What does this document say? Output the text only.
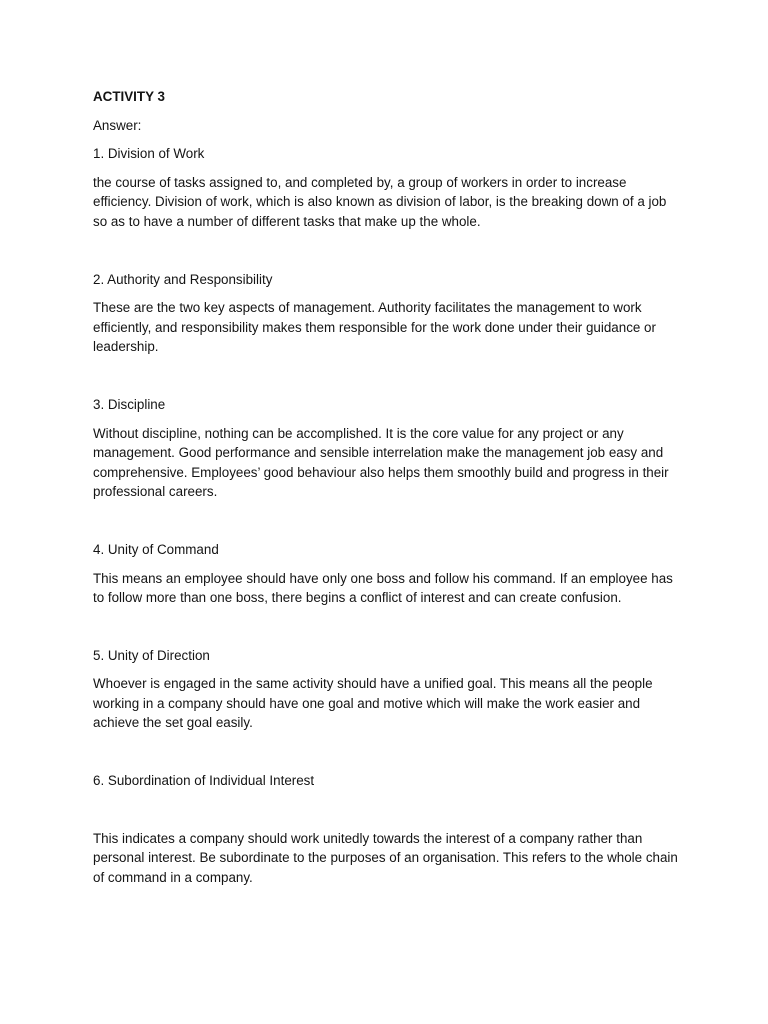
ACTIVITY 3

Answer:

1. Division of Work

the course of tasks assigned to, and completed by, a group of workers in order to increase efficiency. Division of work, which is also known as division of labor, is the breaking down of a job so as to have a number of different tasks that make up the whole.

2. Authority and Responsibility

These are the two key aspects of management. Authority facilitates the management to work efficiently, and responsibility makes them responsible for the work done under their guidance or leadership.

3. Discipline

Without discipline, nothing can be accomplished. It is the core value for any project or any management. Good performance and sensible interrelation make the management job easy and comprehensive. Employees’ good behaviour also helps them smoothly build and progress in their professional careers.

4. Unity of Command

This means an employee should have only one boss and follow his command. If an employee has to follow more than one boss, there begins a conflict of interest and can create confusion.

5. Unity of Direction

Whoever is engaged in the same activity should have a unified goal. This means all the people working in a company should have one goal and motive which will make the work easier and achieve the set goal easily.

6. Subordination of Individual Interest

This indicates a company should work unitedly towards the interest of a company rather than personal interest. Be subordinate to the purposes of an organisation. This refers to the whole chain of command in a company.
